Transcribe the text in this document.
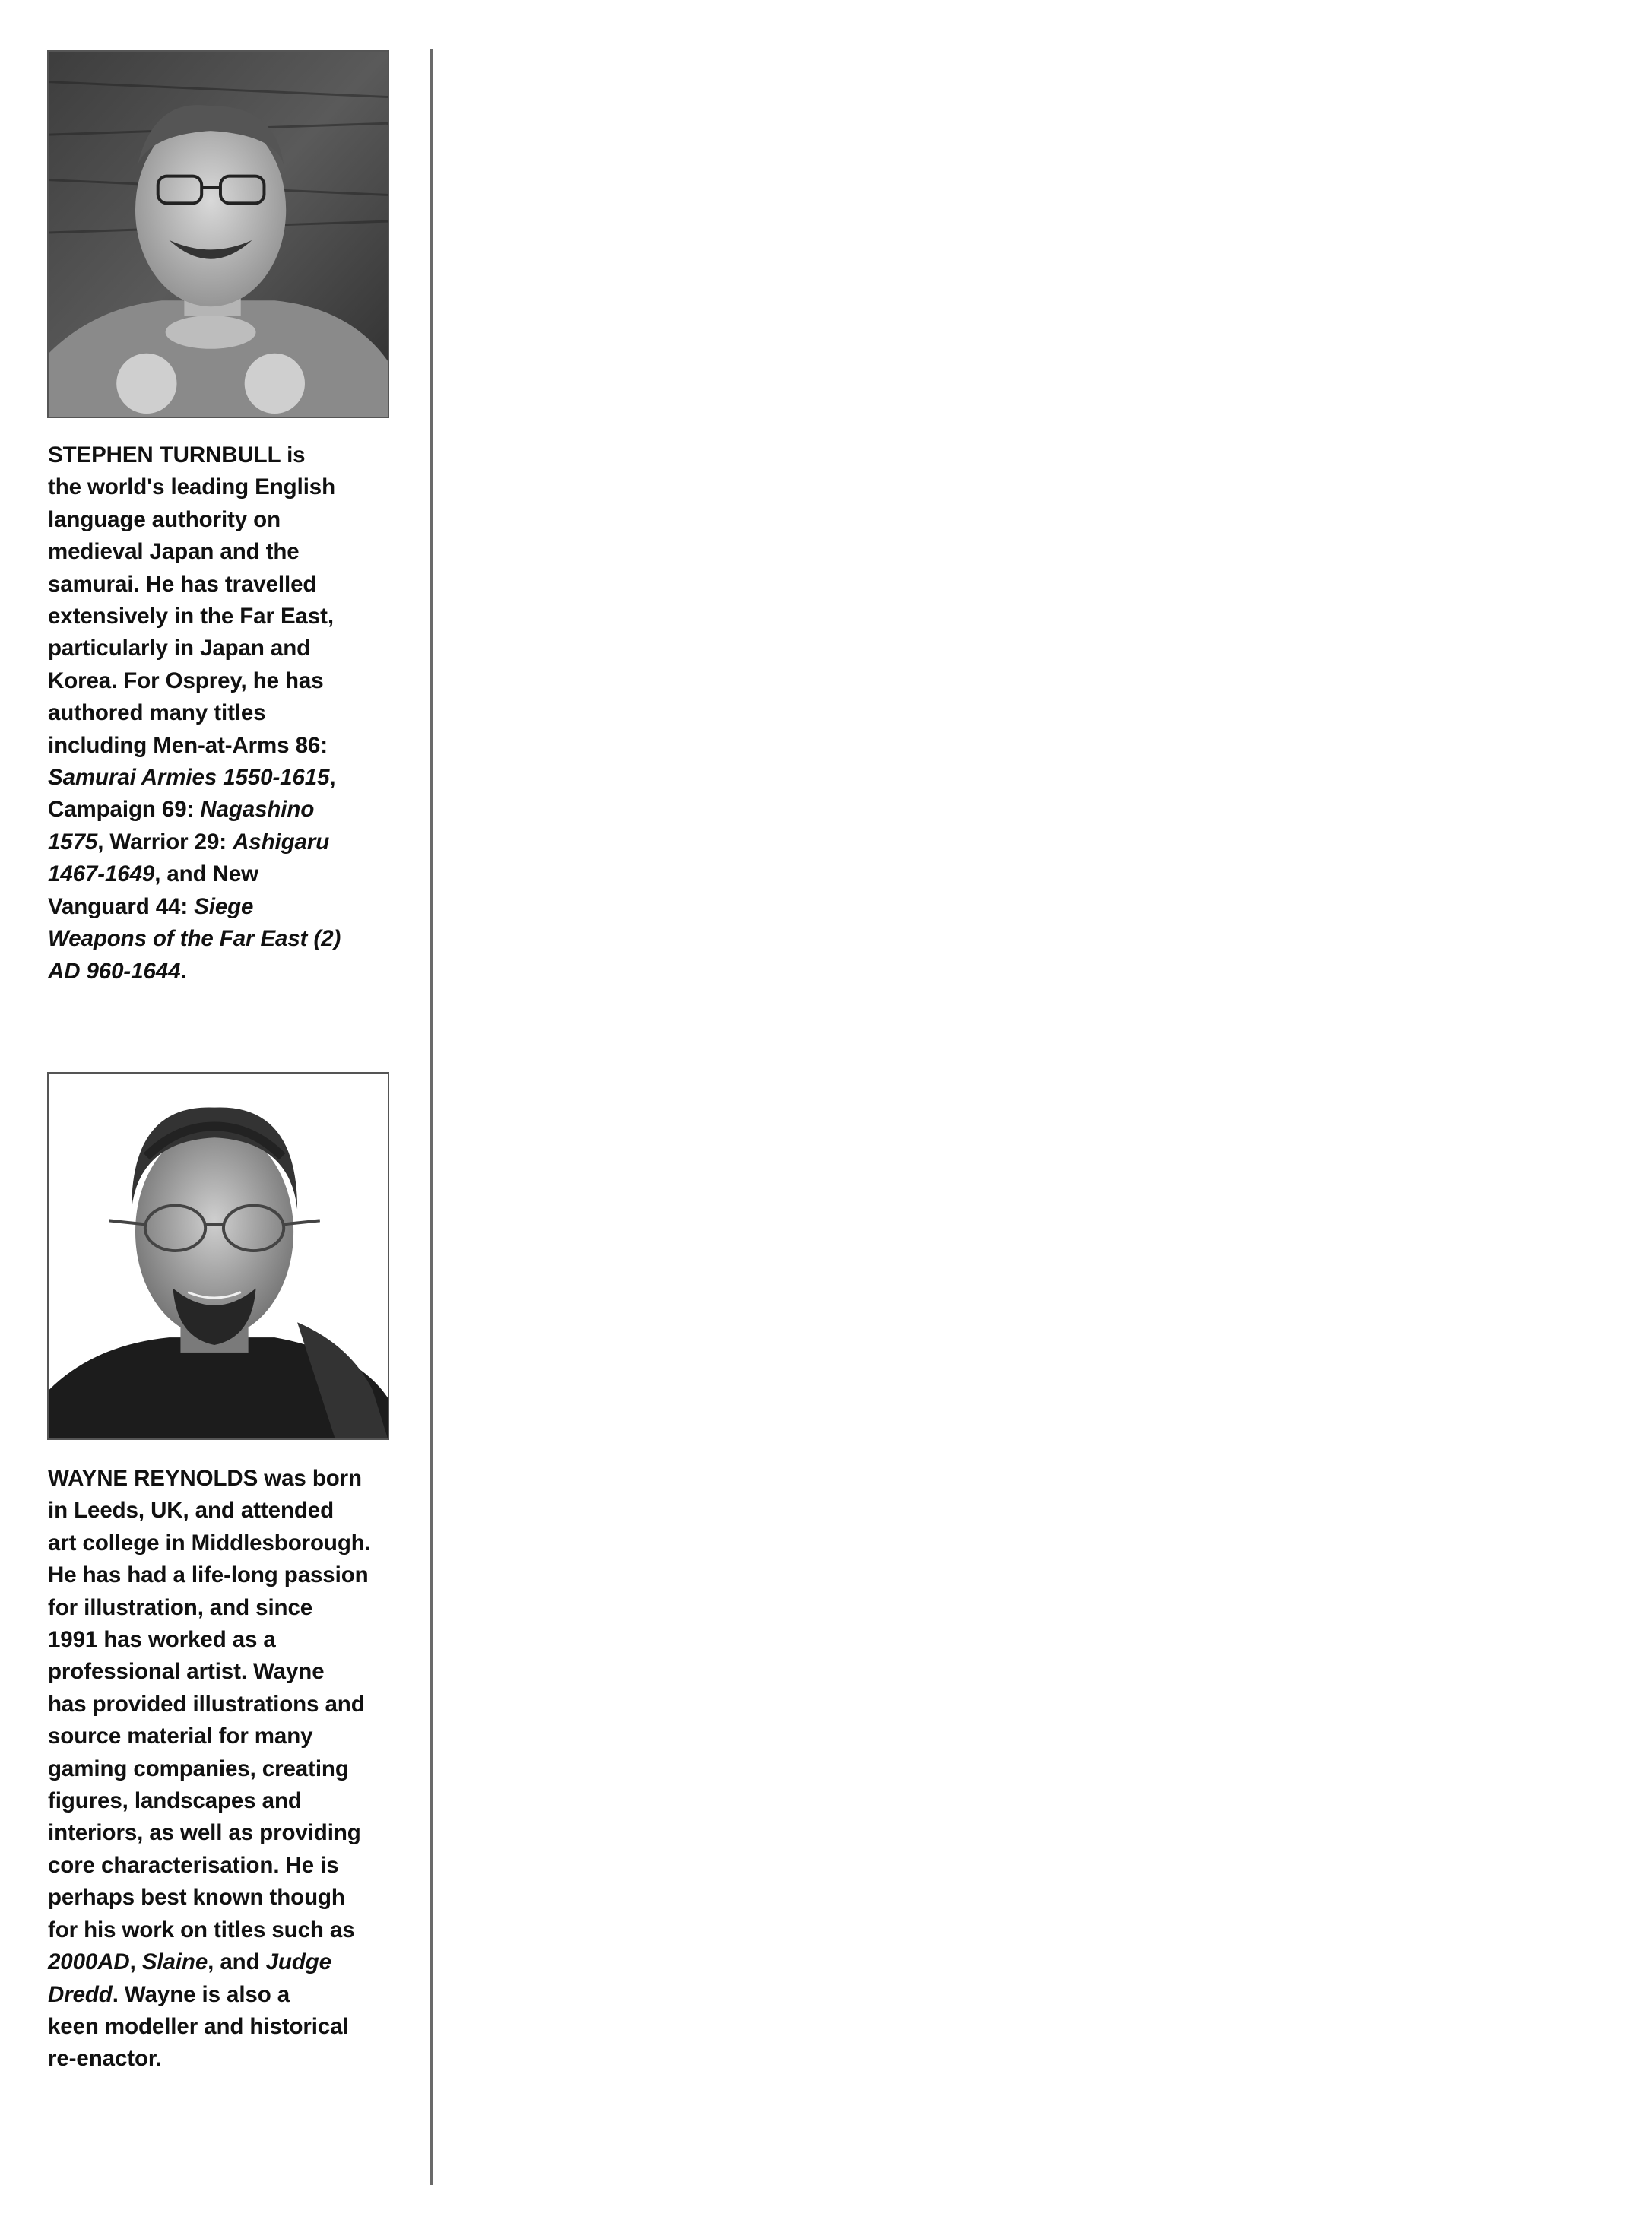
STEPHEN TURNBULL is
the world's leading English
language authority on
medieval Japan and the
samurai. He has travelled
extensively in the Far East,
particularly in Japan and
Korea. For Osprey, he has
authored many titles
including Men-at-Arms 86:
Samurai Armies 1550-1615,
Campaign 69: Nagashino
1575, Warrior 29: Ashigaru
1467-1649, and New
Vanguard 44: Siege
Weapons of the Far East (2)
AD 960-1644.
WAYNE REYNOLDS was born
in Leeds, UK, and attended
art college in Middlesborough.
He has had a life-long passion
for illustration, and since
1991 has worked as a
professional artist. Wayne
has provided illustrations and
source material for many
gaming companies, creating
figures, landscapes and
interiors, as well as providing
core characterisation. He is
perhaps best known though
for his work on titles such as
2000AD, Slaine, and Judge
Dredd. Wayne is also a
keen modeller and historical
re-enactor.
